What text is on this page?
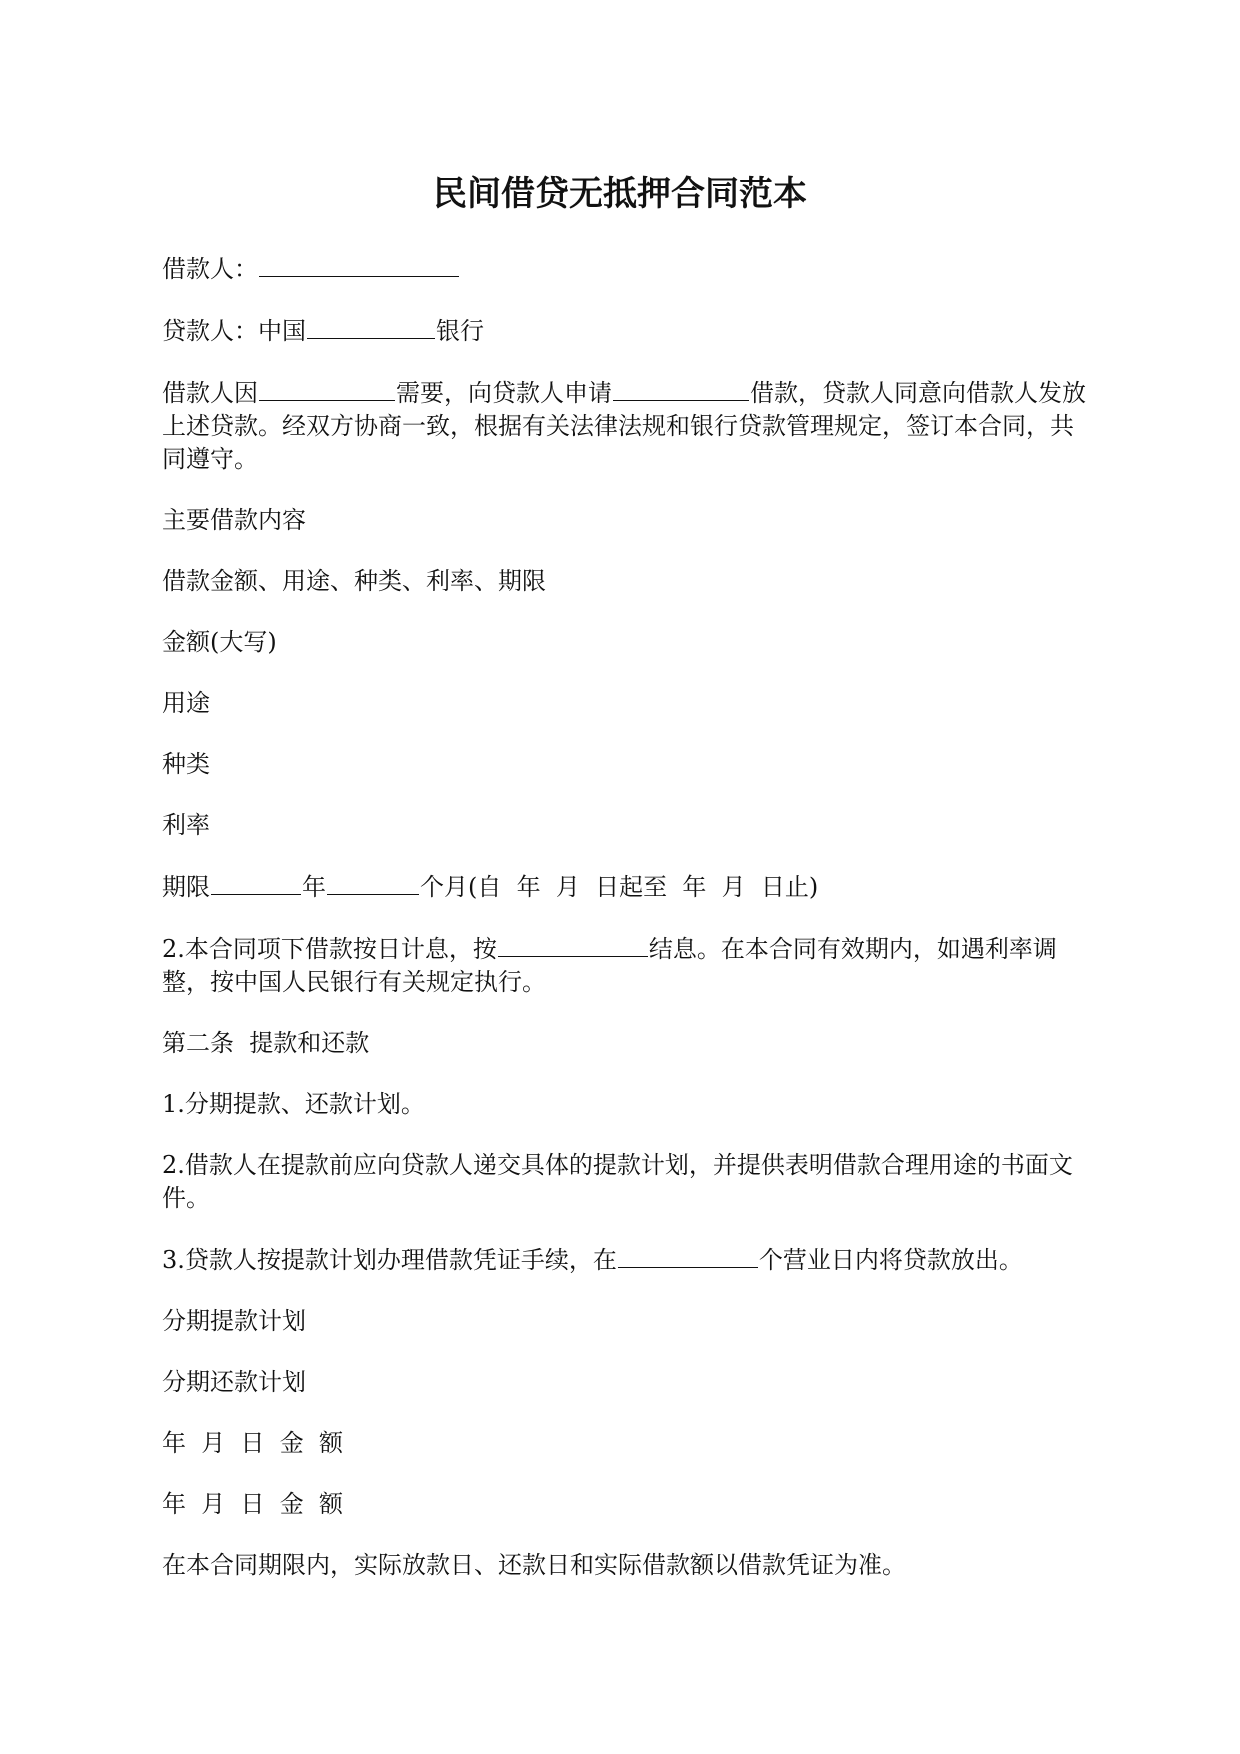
民间借贷无抵押合同范本

借款人：

贷款人：中国	银行

借款人因	需要，向贷款人申请	借款，贷款人同意向借款人发放上述贷款。经双方协商一致，根据有关法律法规和银行贷款管理规定，签订本合同，共同遵守。

主要借款内容

借款金额、用途、种类、利率、期限

金额(大写)

用途

种类

利率

期限	年	个月(自  年  月  日起至  年  月  日止)

2.本合同项下借款按日计息，按	结息。在本合同有效期内，如遇利率调整，按中国人民银行有关规定执行。

第二条  提款和还款

1.分期提款、还款计划。

2.借款人在提款前应向贷款人递交具体的提款计划，并提供表明借款合理用途的书面文件。

3.贷款人按提款计划办理借款凭证手续，在	个营业日内将贷款放出。

分期提款计划

分期还款计划

年  月  日  金  额

年  月  日  金  额

在本合同期限内，实际放款日、还款日和实际借款额以借款凭证为准。
